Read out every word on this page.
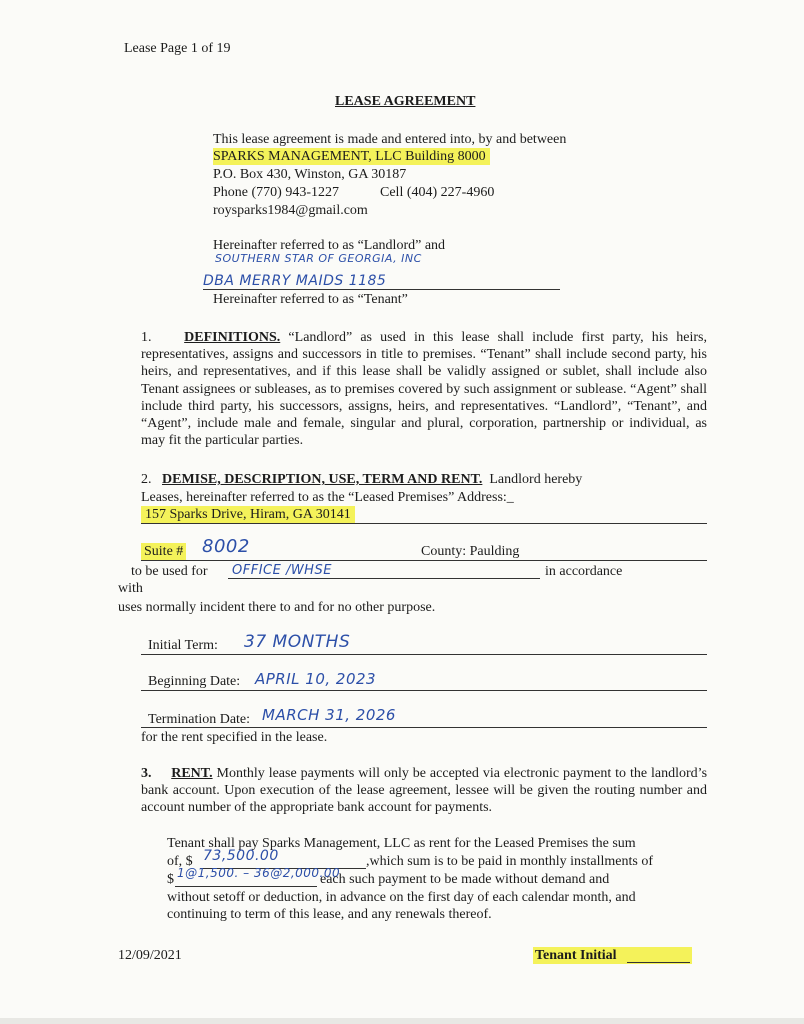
Lease Page 1 of 19
LEASE AGREEMENT
This lease agreement is made and entered into, by and between
SPARKS MANAGEMENT, LLC Building 8000
P.O. Box 430, Winston, GA 30187
Phone (770) 943-1227	Cell (404) 227-4960
roysparks1984@gmail.com
Hereinafter referred to as “Landlord” and
SOUTHERN STAR OF GEORGIA, INC
DBA MERRY MAIDS 1185
Hereinafter referred to as “Tenant”
1. DEFINITIONS. “Landlord” as used in this lease shall include first party, his heirs, representatives, assigns and successors in title to premises. “Tenant” shall include second party, his heirs, and representatives, and if this lease shall be validly assigned or sublet, shall include also Tenant assignees or subleases, as to premises covered by such assignment or sublease. “Agent” shall include third party, his successors, assigns, heirs, and representatives. “Landlord”, “Tenant”, and “Agent”, include male and female, singular and plural, corporation, partnership or individual, as may fit the particular parties.
2. DEMISE, DESCRIPTION, USE, TERM AND RENT. Landlord hereby
Leases, hereinafter referred to as the “Leased Premises” Address:_
157 Sparks Drive, Hiram, GA 30141
Suite # 8002	County: Paulding
to be used for OFFICE /WHSE	in accordance
with
uses normally incident there to and for no other purpose.
Initial Term: 37 MONTHS
Beginning Date: APRIL 10, 2023
Termination Date: MARCH 31, 2026
for the rent specified in the lease.
3. RENT. Monthly lease payments will only be accepted via electronic payment to the landlord’s bank account. Upon execution of the lease agreement, lessee will be given the routing number and account number of the appropriate bank account for payments.
Tenant shall pay Sparks Management, LLC as rent for the Leased Premises the sum
of, $ 73,500.00	,which sum is to be paid in monthly installments of
$ 1@1,500. – 36@2,000.00
each such payment to be made without demand and
without setoff or deduction, in advance on the first day of each calendar month, and
continuing to term of this lease, and any renewals thereof.
12/09/2021	Tenant Initial
